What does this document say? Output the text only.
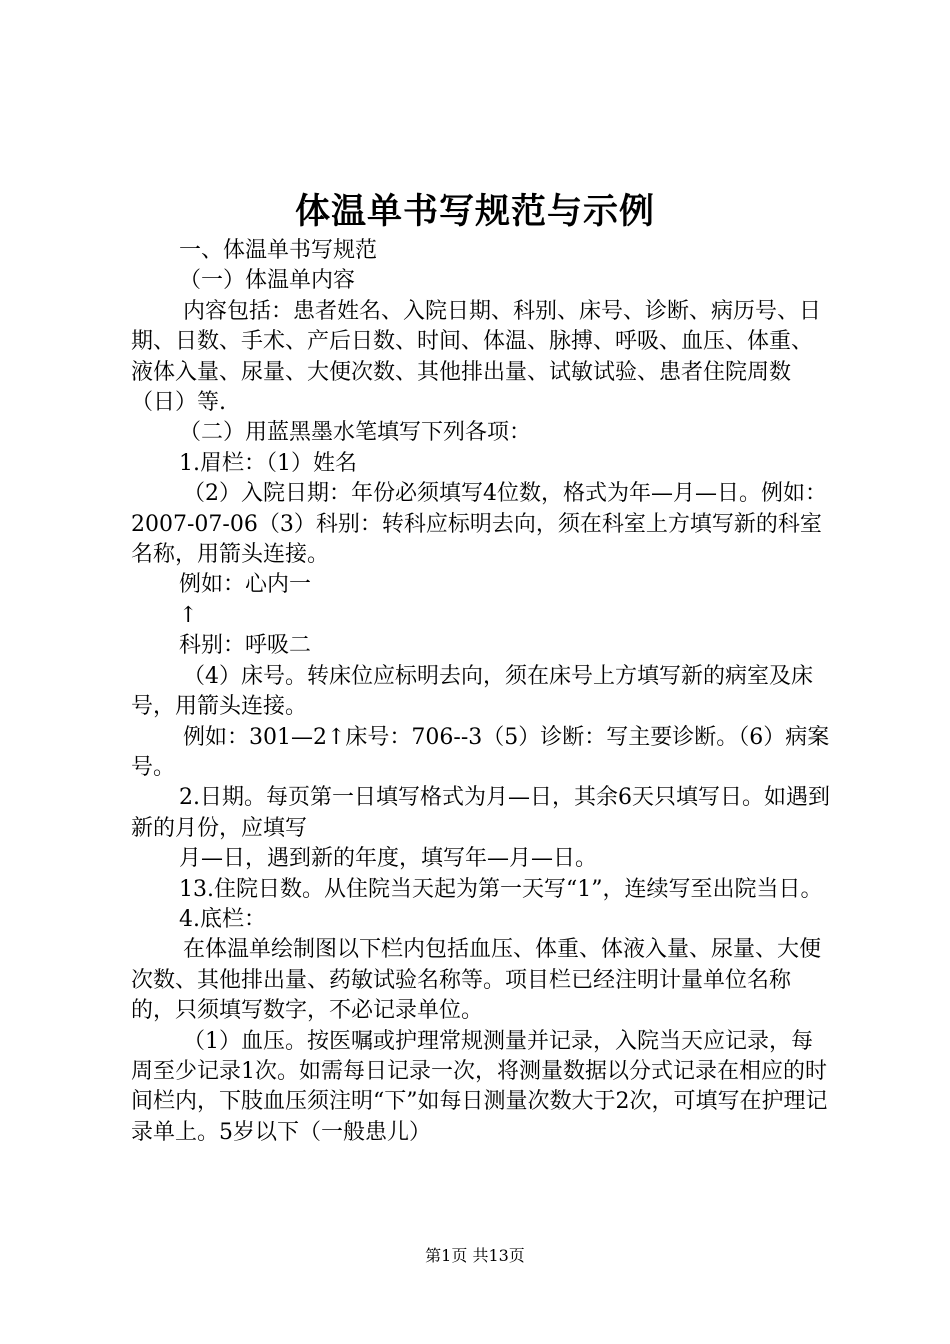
体温单书写规范与示例

一、体温单书写规范

（一）体温单内容

内容包括：患者姓名、入院日期、科别、床号、诊断、病历号、日期、日数、手术、产后日数、时间、体温、脉搏、呼吸、血压、体重、液体入量、尿量、大便次数、其他排出量、试敏试验、患者住院周数（日）等.

（二）用蓝黑墨水笔填写下列各项：

1.眉栏：（1）姓名

（2）入院日期：年份必须填写4位数，格式为年—月—日。例如：2007-07-06（3）科别：转科应标明去向，须在科室上方填写新的科室名称，用箭头连接。

例如：心内一

↑

科别：呼吸二

（4）床号。转床位应标明去向，须在床号上方填写新的病室及床号，用箭头连接。

例如：301—2↑床号：706--3（5）诊断：写主要诊断。（6）病案号。

2.日期。每页第一日填写格式为月—日，其余6天只填写日。如遇到新的月份，应填写

月—日，遇到新的年度，填写年—月—日。

13.住院日数。从住院当天起为第一天写“1”，连续写至出院当日。

4.底栏：

在体温单绘制图以下栏内包括血压、体重、体液入量、尿量、大便次数、其他排出量、药敏试验名称等。项目栏已经注明计量单位名称的，只须填写数字，不必记录单位。

（1）血压。按医嘱或护理常规测量并记录，入院当天应记录，每周至少记录1次。如需每日记录一次，将测量数据以分式记录在相应的时间栏内，下肢血压须注明“下”如每日测量次数大于2次，可填写在护理记录单上。5岁以下（一般患儿）

第1页 共13页
